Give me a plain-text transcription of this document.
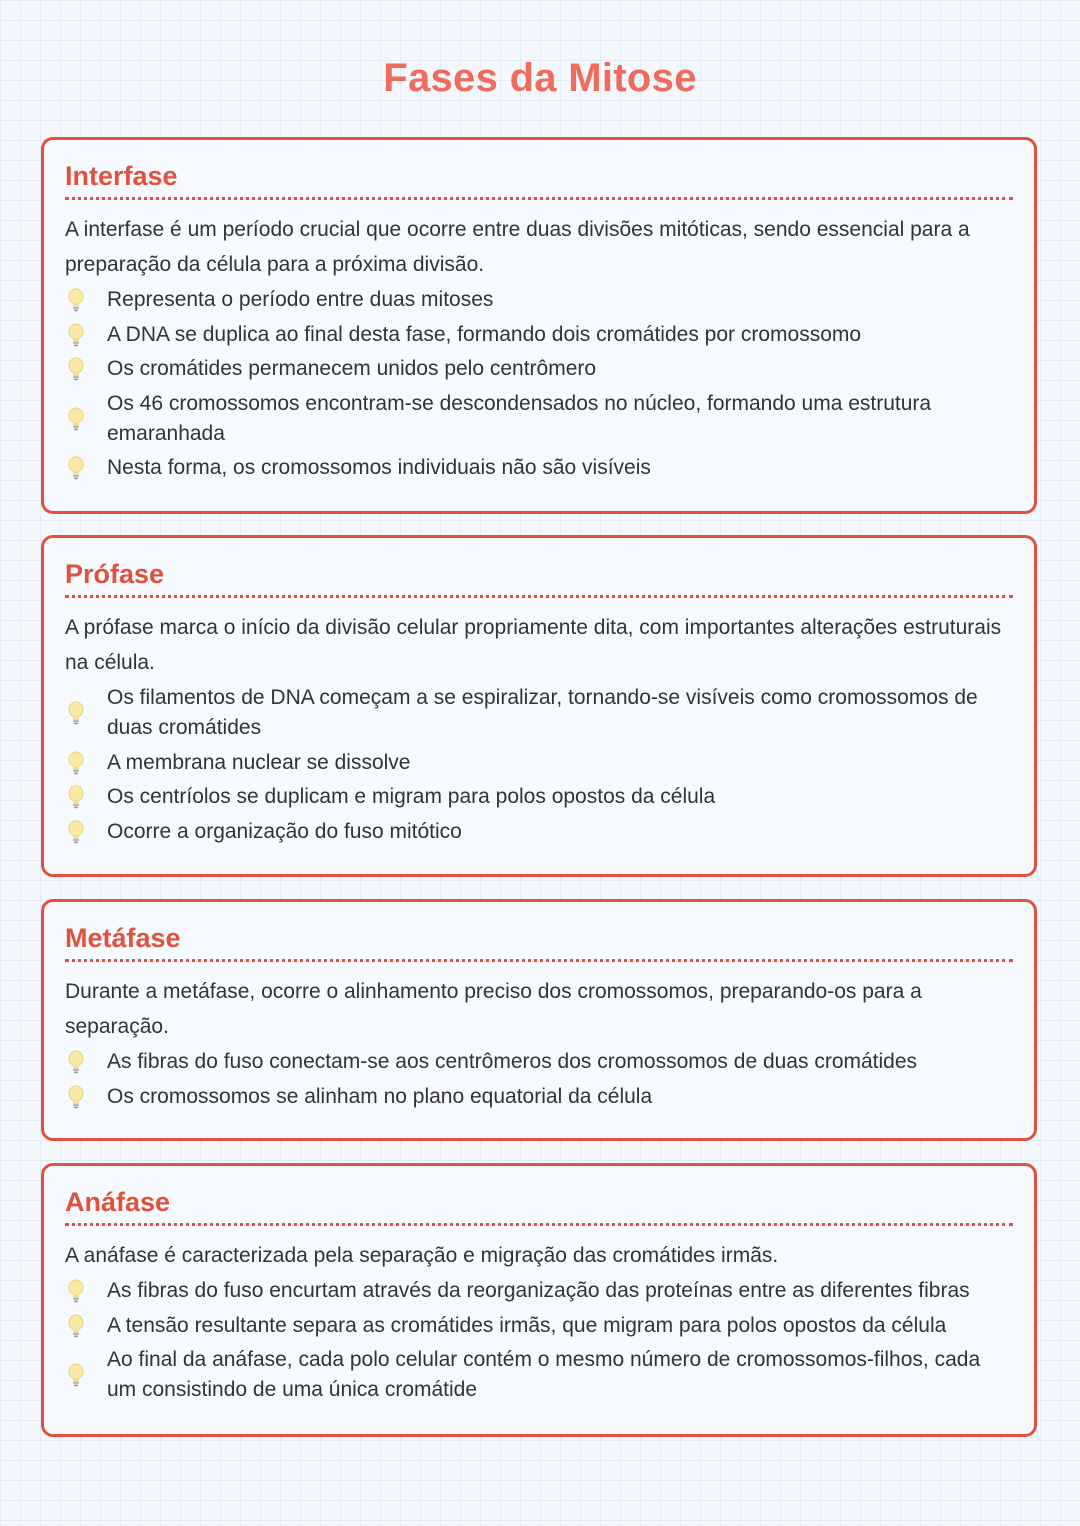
Fases da Mitose
Interfase

A interfase é um período crucial que ocorre entre duas divisões mitóticas, sendo essencial para a preparação da célula para a próxima divisão.

Representa o período entre duas mitoses
A DNA se duplica ao final desta fase, formando dois cromátides por cromossomo
Os cromátides permanecem unidos pelo centrômero
Os 46 cromossomos encontram-se descondensados no núcleo, formando uma estrutura emaranhada
Nesta forma, os cromossomos individuais não são visíveis
Prófase

A prófase marca o início da divisão celular propriamente dita, com importantes alterações estruturais na célula.

Os filamentos de DNA começam a se espiralizar, tornando-se visíveis como cromossomos de duas cromátides
A membrana nuclear se dissolve
Os centríolos se duplicam e migram para polos opostos da célula
Ocorre a organização do fuso mitótico
Metáfase

Durante a metáfase, ocorre o alinhamento preciso dos cromossomos, preparando-os para a separação.

As fibras do fuso conectam-se aos centrômeros dos cromossomos de duas cromátides
Os cromossomos se alinham no plano equatorial da célula
Anáfase

A anáfase é caracterizada pela separação e migração das cromátides irmãs.

As fibras do fuso encurtam através da reorganização das proteínas entre as diferentes fibras
A tensão resultante separa as cromátides irmãs, que migram para polos opostos da célula
Ao final da anáfase, cada polo celular contém o mesmo número de cromossomos-filhos, cada um consistindo de uma única cromátide
